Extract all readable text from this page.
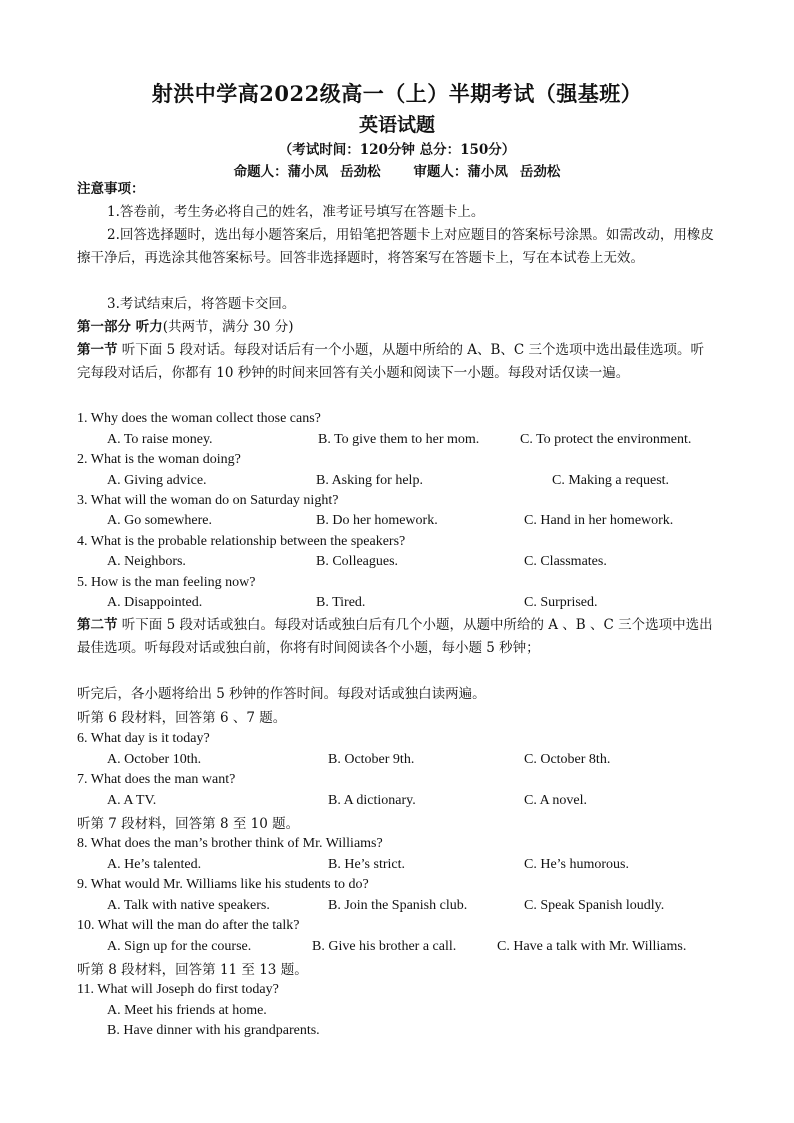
射洪中学高2022级高一（上）半期考试（强基班）
英语试题
（考试时间：120分钟 总分：150分）
命题人：蒲小凤 岳劲松 审题人：蒲小凤 岳劲松
注意事项：
1.答卷前，考生务必将自己的姓名，准考证号填写在答题卡上。
2.回答选择题时，选出每小题答案后，用铅笔把答题卡上对应题目的答案标号涂黑。如需改动，用橡皮擦干净后，再选涂其他答案标号。回答非选择题时，将答案写在答题卡上，写在本试卷上无效。
3.考试结束后，将答题卡交回。
第一部分 听力(共两节，满分 30 分)
第一节 听下面 5 段对话。每段对话后有一个小题，从题中所给的 A、B、C 三个选项中选出最佳选项。听完每段对话后，你都有 10 秒钟的时间来回答有关小题和阅读下一小题。每段对话仅读一遍。
1. Why does the woman collect those cans?
A. To raise money.	B. To give them to her mom.	C. To protect the environment.
2. What is the woman doing?
A. Giving advice.	B. Asking for help.	C. Making a request.
3. What will the woman do on Saturday night?
A. Go somewhere.	B. Do her homework.	C. Hand in her homework.
4. What is the probable relationship between the speakers?
A. Neighbors.	B. Colleagues.	C. Classmates.
5. How is the man feeling now?
A. Disappointed.	B. Tired.	C. Surprised.
第二节 听下面 5 段对话或独白。每段对话或独白后有几个小题，从题中所给的 A 、B 、C 三个选项中选出最佳选项。听每段对话或独白前，你将有时间阅读各个小题，每小题 5 秒钟；
听完后，各小题将给出 5 秒钟的作答时间。每段对话或独白读两遍。
听第 6 段材料，回答第 6 、7 题。
6. What day is it today?
A. October 10th.	B. October 9th.	C. October 8th.
7. What does the man want?
A. A TV.	B. A dictionary.	C. A novel.
听第 7 段材料，回答第 8 至 10 题。
8. What does the man’s brother think of Mr. Williams?
A. He’s talented.	B. He’s strict.	C. He’s humorous.
9. What would Mr. Williams like his students to do?
A. Talk with native speakers.	B. Join the Spanish club.	C. Speak Spanish loudly.
10. What will the man do after the talk?
A. Sign up for the course.	B. Give his brother a call.	C. Have a talk with Mr. Williams.
听第 8 段材料，回答第 11 至 13 题。
11. What will Joseph do first today?
A. Meet his friends at home.
B. Have dinner with his grandparents.
